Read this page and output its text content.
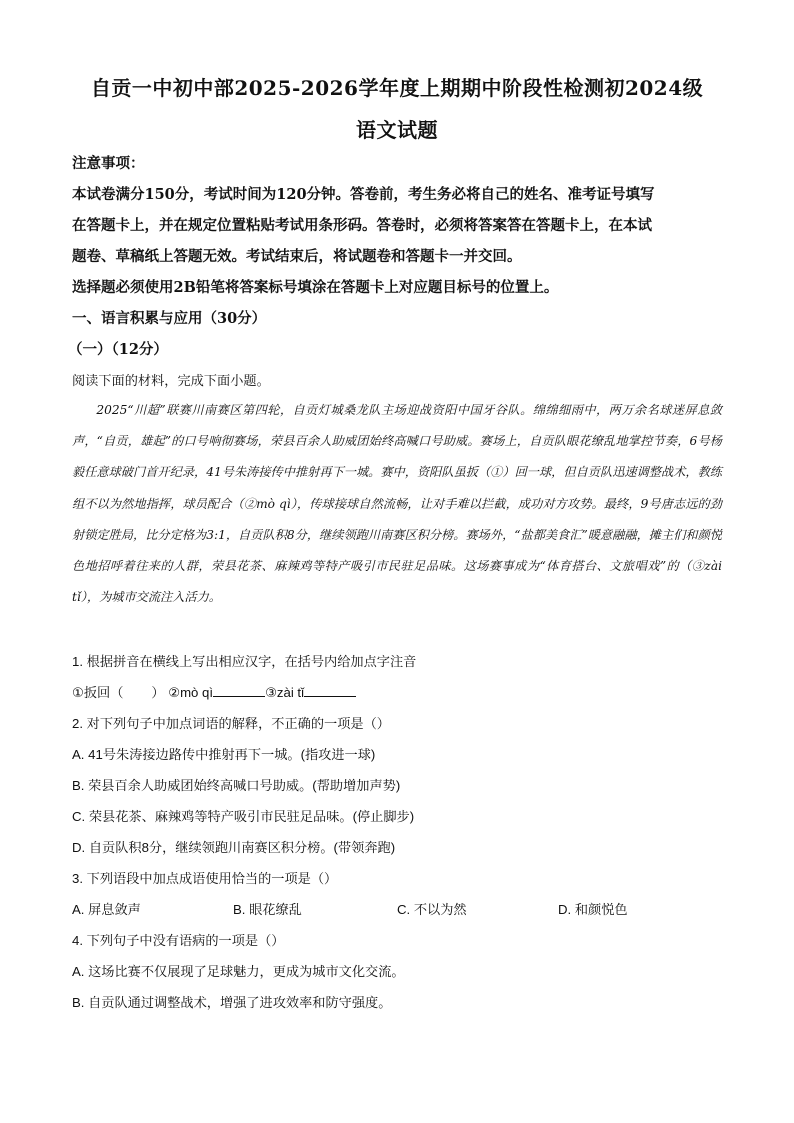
自贡一中初中部2025-2026学年度上期期中阶段性检测初2024级
语文试题
注意事项：
本试卷满分150分，考试时间为120分钟。答卷前，考生务必将自己的姓名、准考证号填写
在答题卡上，并在规定位置粘贴考试用条形码。答卷时，必须将答案答在答题卡上，在本试
题卷、草稿纸上答题无效。考试结束后，将试题卷和答题卡一并交回。
选择题必须使用2B铅笔将答案标号填涂在答题卡上对应题目标号的位置上。
一、语言积累与应用（30分）
（一）（12分）
阅读下面的材料，完成下面小题。

2025“川超”联赛川南赛区第四轮，自贡灯城桑龙队主场迎战资阳中国牙谷队。绵绵细雨中，两万余名球迷屏息敛声，“自贡，雄起”的口号响彻赛场，荣县百余人助威团始终高喊口号助威。赛场上，自贡队眼花缭乱地掌控节奏，6号杨毅任意球破门首开纪录，41号朱涛接传中推射再下一城。赛中，资阳队虽扳（①）回一球，但自贡队迅速调整战术，教练组不以为然地指挥，球员配合（②mò qì），传球接球自然流畅，让对手难以拦截，成功对方攻势。最终，9号唐志远的劲射锁定胜局，比分定格为3:1，自贡队积8分，继续领跑川南赛区积分榜。赛场外，“盐都美食汇”暖意融融，摊主们和颜悦色地招呼着往来的人群，荣县花茶、麻辣鸡等特产吸引市民驻足品味。这场赛事成为“体育搭台、文旅唱戏”的（③zài tǐ），为城市交流注入活力。

1. 根据拼音在横线上写出相应汉字，在括号内给加点字注音
①扳回（ ） ②mò qì	③zài tǐ
2. 对下列句子中加点词语的解释，不正确的一项是（）
A. 41号朱涛接边路传中推射再下一城。(指攻进一球)
B. 荣县百余人助威团始终高喊口号助威。(帮助增加声势)
C. 荣县花茶、麻辣鸡等特产吸引市民驻足品味。(停止脚步)
D. 自贡队积8分，继续领跑川南赛区积分榜。(带领奔跑)
3. 下列语段中加点成语使用恰当的一项是（）
A. 屏息敛声	B. 眼花缭乱	C. 不以为然	D. 和颜悦色
4. 下列句子中没有语病的一项是（）
A. 这场比赛不仅展现了足球魅力，更成为城市文化交流。
B. 自贡队通过调整战术，增强了进攻效率和防守强度。
